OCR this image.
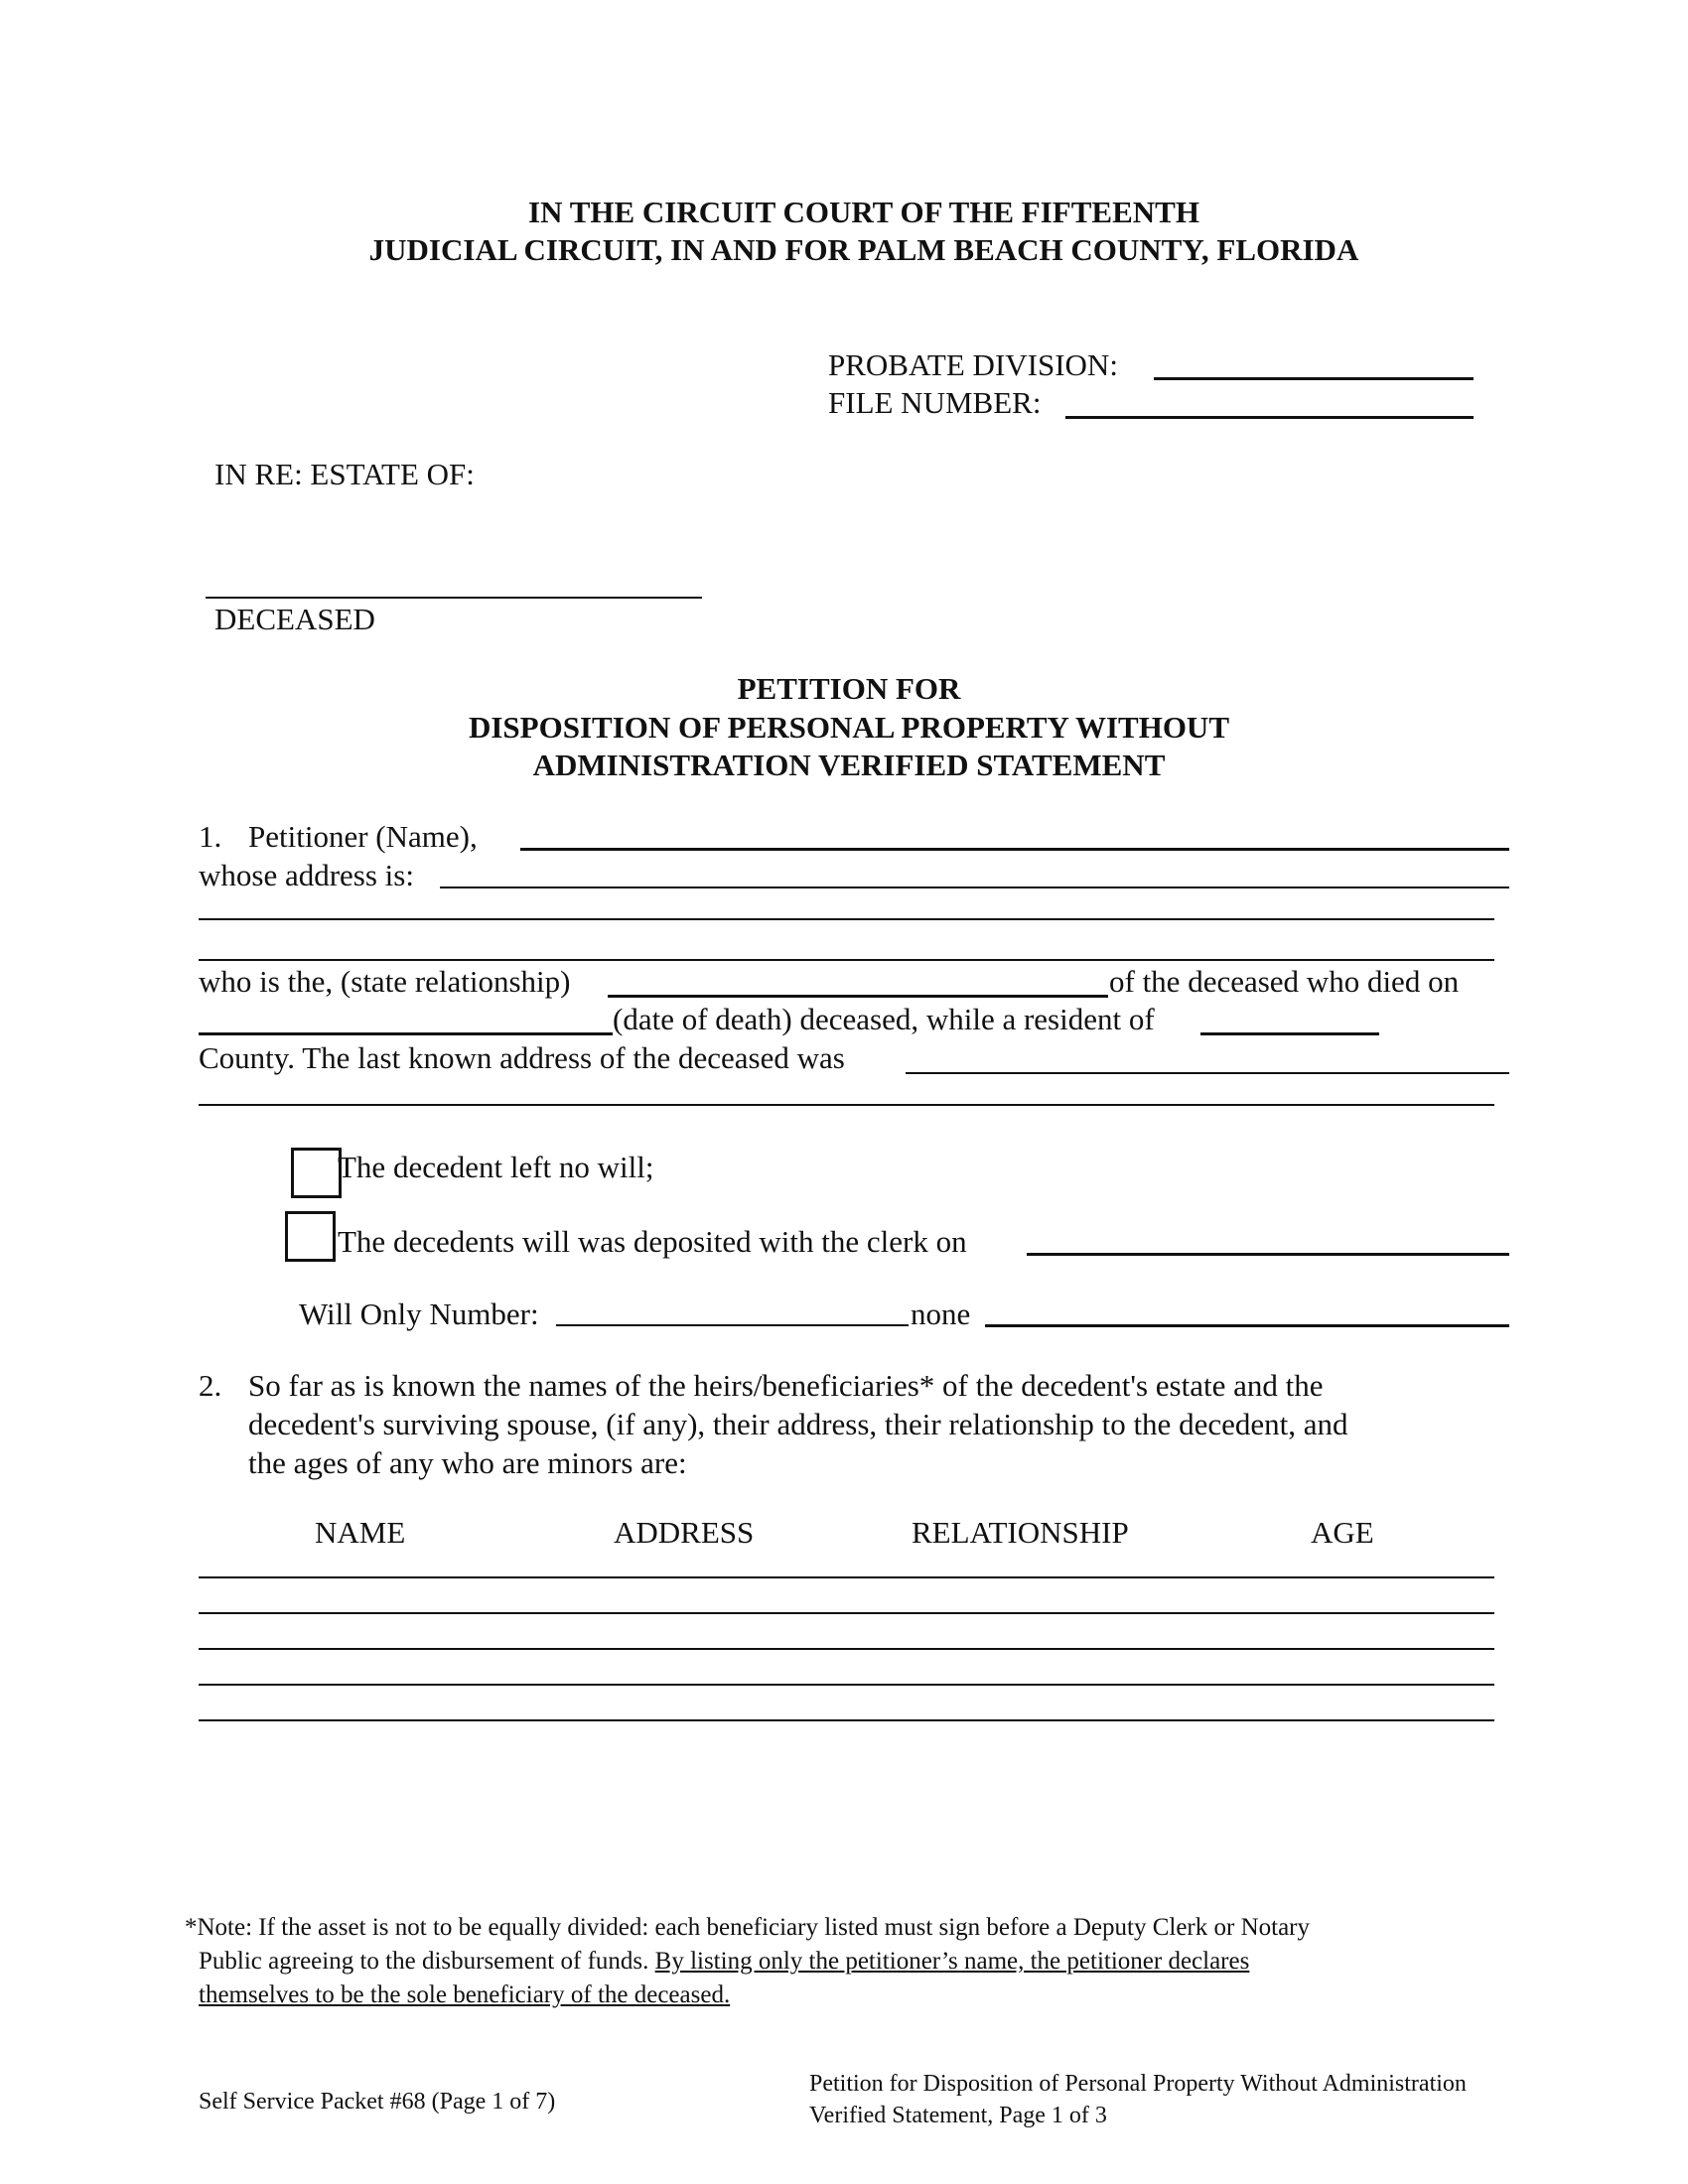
IN THE CIRCUIT COURT OF THE FIFTEENTH
JUDICIAL CIRCUIT, IN AND FOR PALM BEACH COUNTY, FLORIDA
PROBATE DIVISION:
FILE NUMBER:
IN RE: ESTATE OF:
DECEASED
PETITION FOR
DISPOSITION OF PERSONAL PROPERTY WITHOUT
ADMINISTRATION VERIFIED STATEMENT
1. Petitioner (Name),
whose address is:
who is the, (state relationship)	of the deceased who died on
(date of death) deceased, while a resident of
County. The last known address of the deceased was
The decedent left no will;
The decedents will was deposited with the clerk on
Will Only Number:	none
2. So far as is known the names of the heirs/beneficiaries* of the decedent's estate and the
decedent's surviving spouse, (if any), their address, their relationship to the decedent, and
the ages of any who are minors are:
NAME	ADDRESS	RELATIONSHIP	AGE
*Note: If the asset is not to be equally divided: each beneficiary listed must sign before a Deputy Clerk or Notary
Public agreeing to the disbursement of funds. By listing only the petitioner’s name, the petitioner declares
themselves to be the sole beneficiary of the deceased.
Self Service Packet #68 (Page 1 of 7)
Petition for Disposition of Personal Property Without Administration
Verified Statement, Page 1 of 3
